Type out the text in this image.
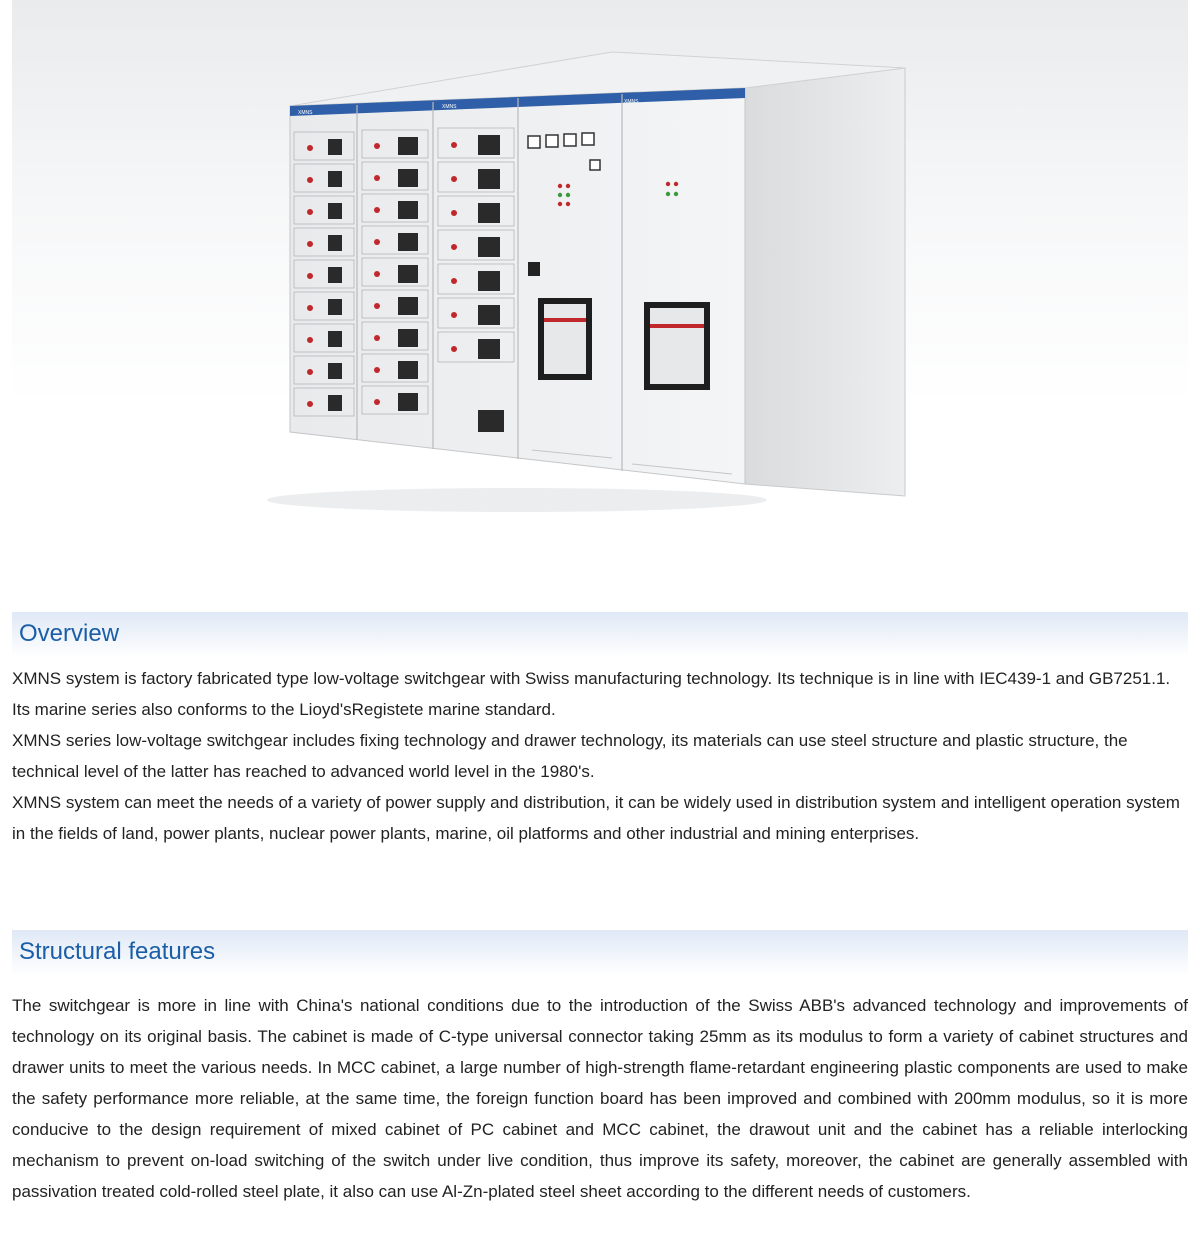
XMNS
XMNS
XMNS
Overview

XMNS system is factory fabricated type low-voltage switchgear with Swiss manufacturing technology. Its technique is in line with IEC439-1 and GB7251.1. Its marine series also conforms to the Lioyd'sRegistete marine standard.

XMNS series low-voltage switchgear includes fixing technology and drawer technology, its materials can use steel structure and plastic structure, the technical level of the latter has reached to advanced world level in the 1980's.

XMNS system can meet the needs of a variety of power supply and distribution, it can be widely used in distribution system and intelligent operation system in the fields of land, power plants, nuclear power plants, marine, oil platforms and other industrial and mining enterprises.

Structural features
The switchgear is more in line with China's national conditions due to the introduction of the Swiss ABB's advanced technology and improvements of technology on its original basis. The cabinet is made of C-type universal connector taking 25mm as its modulus to form a variety of cabinet structures and drawer units to meet the various needs. In MCC cabinet, a large number of high-strength flame-retardant engineering plastic components are used to make the safety performance more reliable, at the same time, the foreign function board has been improved and combined with 200mm modulus, so it is more conducive to the design requirement of mixed cabinet of PC cabinet and MCC cabinet, the drawout unit and the cabinet has a reliable interlocking mechanism to prevent on-load switching of the switch under live condition, thus improve its safety, moreover, the cabinet are generally assembled with passivation treated cold-rolled steel plate, it also can use Al-Zn-plated steel sheet according to the different needs of customers.
